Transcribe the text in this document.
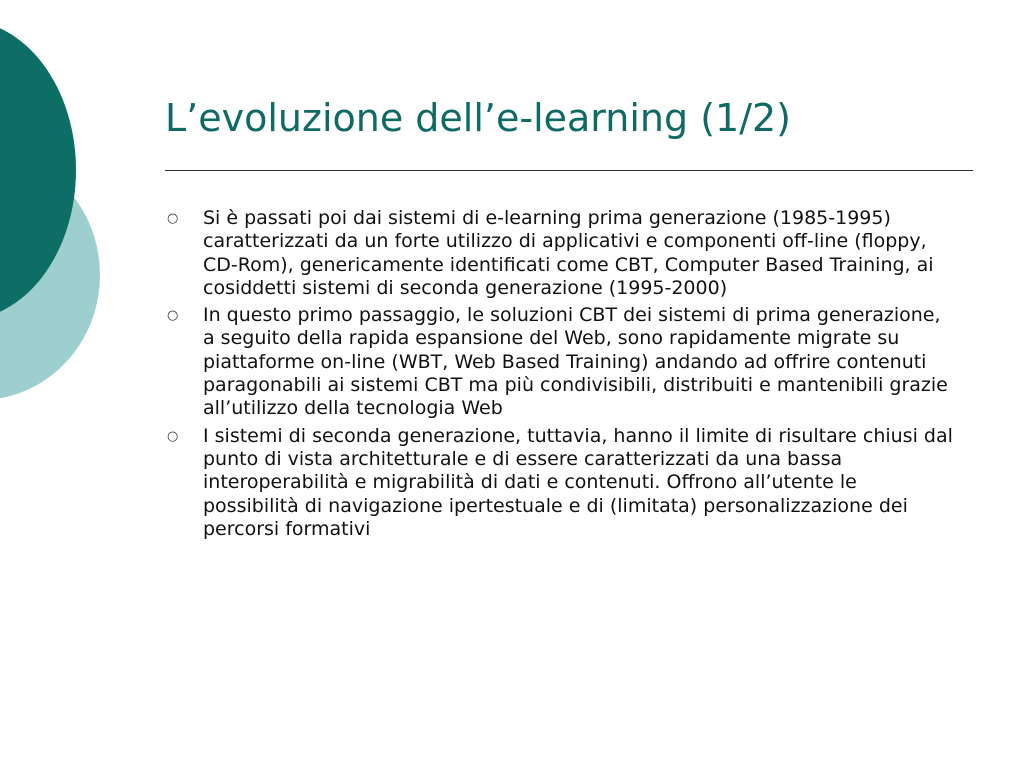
L’evoluzione dell’e-learning (1/2)
○ Si è passati poi dai sistemi di e-learning prima generazione (1985-1995) caratterizzati da un forte utilizzo di applicativi e componenti off-line (floppy, CD-Rom), genericamente identificati come CBT, Computer Based Training, ai cosiddetti sistemi di seconda generazione (1995-2000)
○ In questo primo passaggio, le soluzioni CBT dei sistemi di prima generazione, a seguito della rapida espansione del Web, sono rapidamente migrate su piattaforme on-line (WBT, Web Based Training) andando ad offrire contenuti paragonabili ai sistemi CBT ma più condivisibili, distribuiti e mantenibili grazie all’utilizzo della tecnologia Web
○ I sistemi di seconda generazione, tuttavia, hanno il limite di risultare chiusi dal punto di vista architetturale e di essere caratterizzati da una bassa interoperabilità e migrabilità di dati e contenuti. Offrono all’utente le possibilità di navigazione ipertestuale e di (limitata) personalizzazione dei percorsi formativi
